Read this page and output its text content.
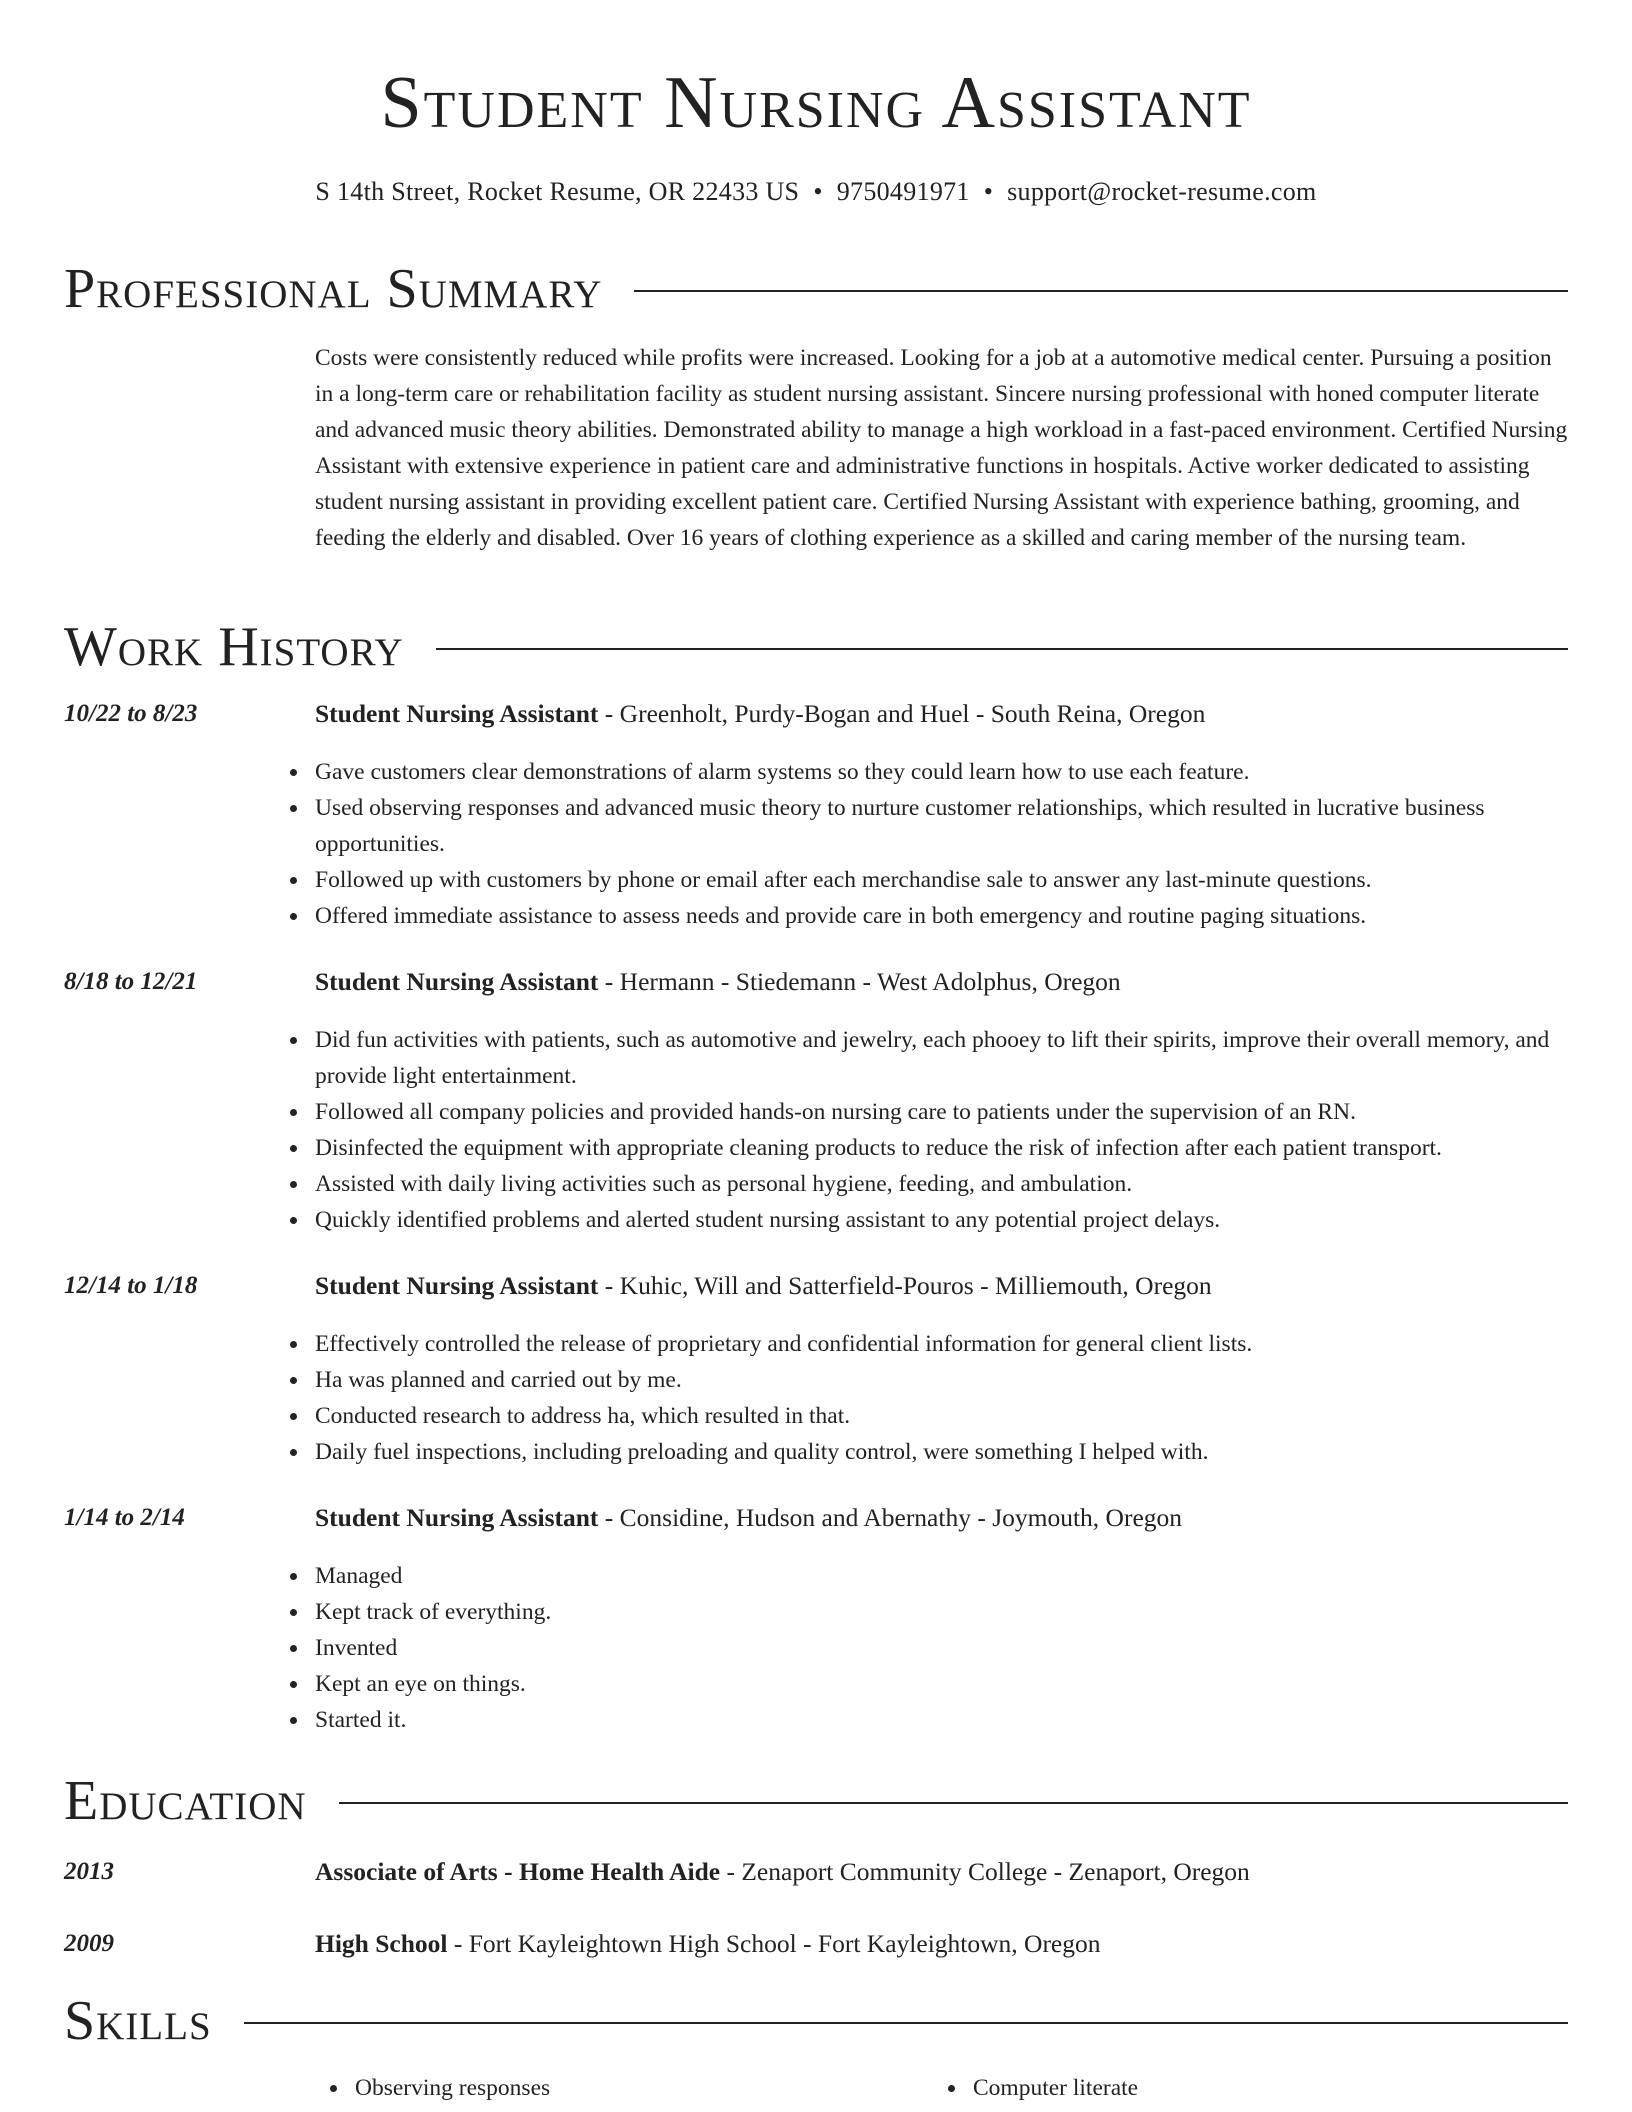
Student Nursing Assistant
S 14th Street, Rocket Resume, OR 22433 US • 9750491971 • support@rocket-resume.com
Professional Summary

Costs were consistently reduced while profits were increased. Looking for a job at a automotive medical center. Pursuing a position in a long-term care or rehabilitation facility as student nursing assistant. Sincere nursing professional with honed computer literate and advanced music theory abilities. Demonstrated ability to manage a high workload in a fast-paced environment. Certified Nursing Assistant with extensive experience in patient care and administrative functions in hospitals. Active worker dedicated to assisting student nursing assistant in providing excellent patient care. Certified Nursing Assistant with experience bathing, grooming, and feeding the elderly and disabled. Over 16 years of clothing experience as a skilled and caring member of the nursing team.

Work History
10/22 to 8/23	Student Nursing Assistant - Greenholt, Purdy-Bogan and Huel - South Reina, Oregon
Gave customers clear demonstrations of alarm systems so they could learn how to use each feature.
Used observing responses and advanced music theory to nurture customer relationships, which resulted in lucrative business opportunities.
Followed up with customers by phone or email after each merchandise sale to answer any last-minute questions.
Offered immediate assistance to assess needs and provide care in both emergency and routine paging situations.
8/18 to 12/21	Student Nursing Assistant - Hermann - Stiedemann - West Adolphus, Oregon
Did fun activities with patients, such as automotive and jewelry, each phooey to lift their spirits, improve their overall memory, and provide light entertainment.
Followed all company policies and provided hands-on nursing care to patients under the supervision of an RN.
Disinfected the equipment with appropriate cleaning products to reduce the risk of infection after each patient transport.
Assisted with daily living activities such as personal hygiene, feeding, and ambulation.
Quickly identified problems and alerted student nursing assistant to any potential project delays.
12/14 to 1/18	Student Nursing Assistant - Kuhic, Will and Satterfield-Pouros - Milliemouth, Oregon
Effectively controlled the release of proprietary and confidential information for general client lists.
Ha was planned and carried out by me.
Conducted research to address ha, which resulted in that.
Daily fuel inspections, including preloading and quality control, were something I helped with.
1/14 to 2/14	Student Nursing Assistant - Considine, Hudson and Abernathy - Joymouth, Oregon
Managed
Kept track of everything.
Invented
Kept an eye on things.
Started it.
Education
2013	Associate of Arts - Home Health Aide - Zenaport Community College - Zenaport, Oregon
2009	High School - Fort Kayleightown High School - Fort Kayleightown, Oregon
Skills
Observing responses	Computer literate
